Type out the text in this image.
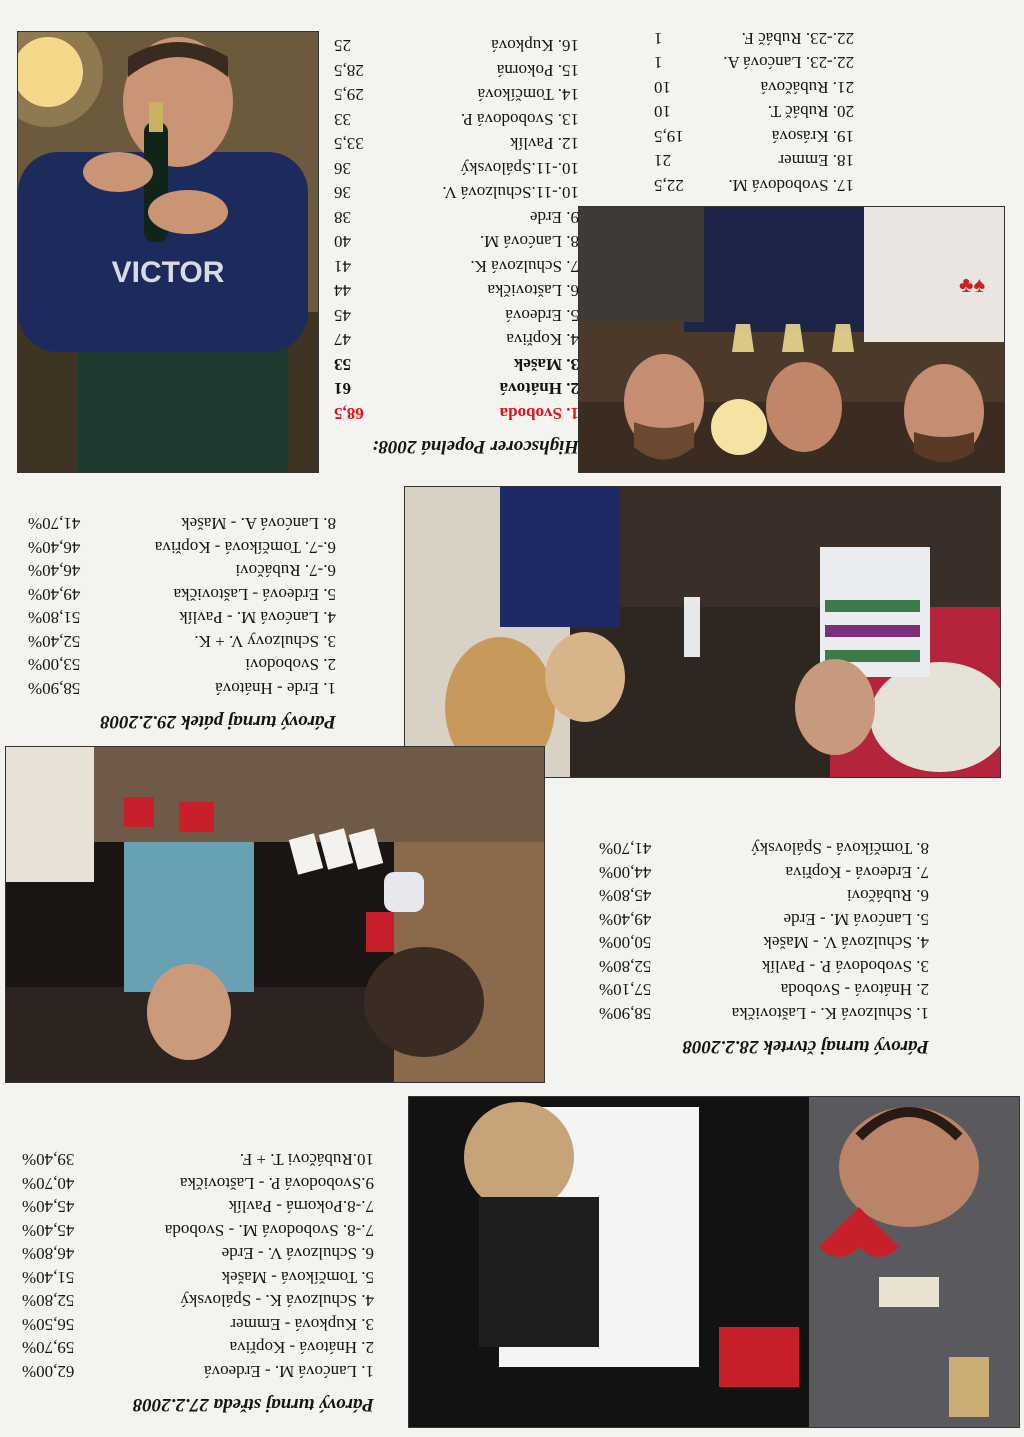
VICTOR	♣♠
Highscorer Popelná 2008:
1. Svoboda
68,5
2. Hnátová
61
3. Mašek
53
4. Kopřiva
47
5. Erdeová
45
6. Laštovička
44
7. Schulzová K.
41
8. Lanćová M.
40
9. Erde
38
10.-11.Schulzová V.
36
10.-11.Spálovský
36
12. Pavlík
33,5
13. Svobodová P.
33
14. Tomčíková
29,5
15. Pokorná
28,5
16. Kupková
25
17. Svobodová M.
22,5
18. Emmer
21
19. Krásová
19,5
20. Rubáč T.
10
21. Rubáčová
10
22.-23. Lanćová A.
1
22.-23. Rubáč F.
1
Párový turnaj pátek 29.2.2008
1. Erde - Hnátová
58,90%
2. Svobodovi
53,00%
3. Schulzovy V. + K.
52,40%
4. Lanćová M. - Pavlík
51,80%
5. Erdeová - Laštovička
49,40%
6.-7. Rubáčovi
46,40%
6.-7. Tomčíková - Kopřiva
46,40%
8. Lanćová A. - Mašek
41,70%
Párový turnaj čtvrtek 28.2.2008
1. Schulzová K. - Laštovička
58,90%
2. Hnátová - Svoboda
57,10%
3. Svobodová P. - Pavlík
52,80%
4. Schulzová V. - Mašek
50,00%
5. Lanćová M. - Erde
49,40%
6. Rubáčovi
45,80%
7. Erdeová - Kopřiva
44,00%
8. Tomčíková - Spálovský
41,70%
Párový turnaj středa 27.2.2008
1. Lanćová M. - Erdeová
62,00%
2. Hnátová - Kopřiva
59,70%
3. Kupková - Emmer
56,50%
4. Schulzová K. - Spálovský
52,80%
5. Tomčíková - Mašek
51,40%
6. Schulzová V. - Erde
46,80%
7.-8. Svobodová M. - Svoboda
45,40%
7.-8.Pokorná - Pavlík
45,40%
9.Svobodová P. - Laštovička
40,70%
10.Rubáčovi T. + F.
39,40%
